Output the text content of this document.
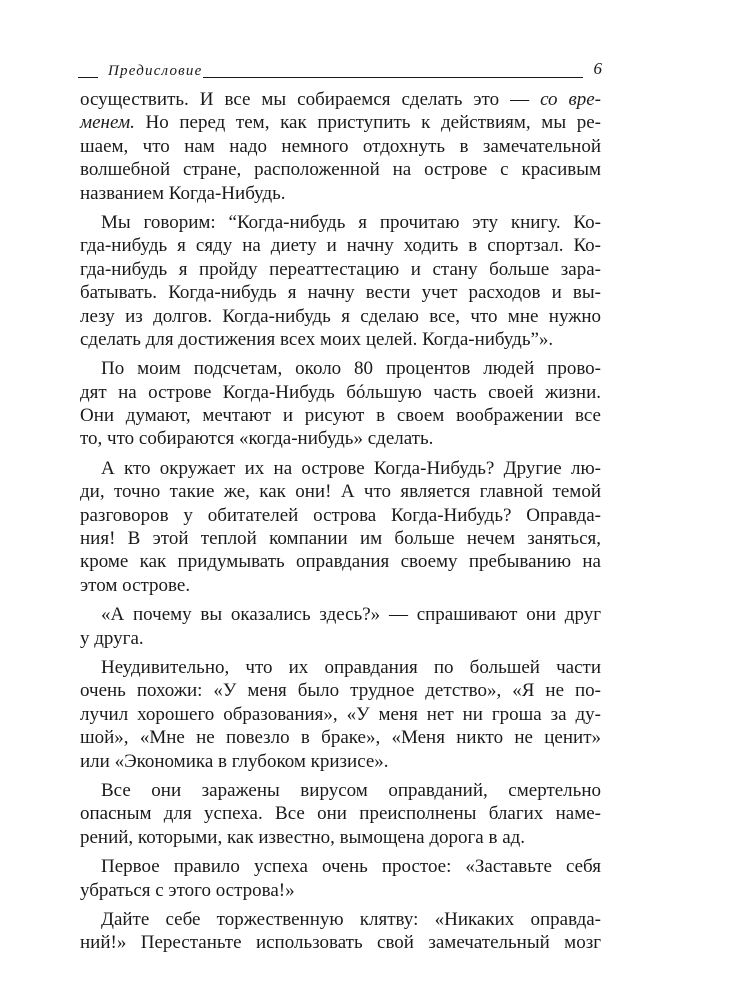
Предисловие	6
осуществить. И все мы собираемся сделать это — со вре-
менем. Но перед тем, как приступить к действиям, мы ре-
шаем, что нам надо немного отдохнуть в замечательной
волшебной стране, расположенной на острове с красивым
названием Когда-Нибудь.
Мы говорим: “Когда-нибудь я прочитаю эту книгу. Ко-
гда-нибудь я сяду на диету и начну ходить в спортзал. Ко-
гда-нибудь я пройду переаттестацию и стану больше зара-
батывать. Когда-нибудь я начну вести учет расходов и вы-
лезу из долгов. Когда-нибудь я сделаю все, что мне нужно
сделать для достижения всех моих целей. Когда-нибудь”».
По моим подсчетам, около 80 процентов людей прово-
дят на острове Когда-Нибудь бóльшую часть своей жизни.
Они думают, мечтают и рисуют в своем воображении все
то, что собираются «когда-нибудь» сделать.
А кто окружает их на острове Когда-Нибудь? Другие лю-
ди, точно такие же, как они! А что является главной темой
разговоров у обитателей острова Когда-Нибудь? Оправда-
ния! В этой теплой компании им больше нечем заняться,
кроме как придумывать оправдания своему пребыванию на
этом острове.
«А почему вы оказались здесь?» — спрашивают они друг
у друга.
Неудивительно, что их оправдания по большей части
очень похожи: «У меня было трудное детство», «Я не по-
лучил хорошего образования», «У меня нет ни гроша за ду-
шой», «Мне не повезло в браке», «Меня никто не ценит»
или «Экономика в глубоком кризисе».
Все они заражены вирусом оправданий, смертельно
опасным для успеха. Все они преисполнены благих наме-
рений, которыми, как известно, вымощена дорога в ад.
Первое правило успеха очень простое: «Заставьте себя
убраться с этого острова!»
Дайте себе торжественную клятву: «Никаких оправда-
ний!» Перестаньте использовать свой замечательный мозг
